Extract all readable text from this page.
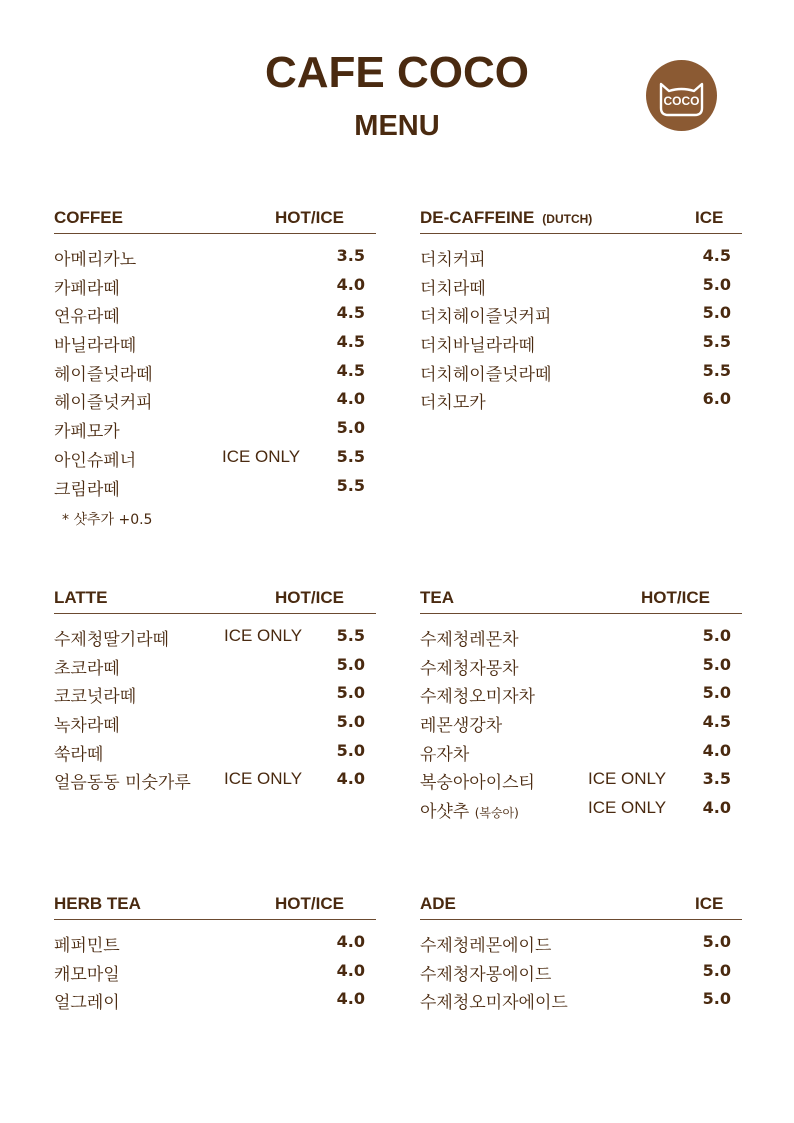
CAFE COCO
MENU
COCO
COFFEE	HOT/ICE
아메리카노	3.5
카페라떼	4.0
연유라떼	4.5
바닐라라떼	4.5
헤이즐넛라떼	4.5
헤이즐넛커피	4.0
카페모카	5.0
아인슈페너	ICE ONLY 5.5
크림라떼	5.5
* 샷추가 +0.5
DE-CAFFEINE (DUTCH)	ICE
더치커피	4.5
더치라떼	5.0
더치헤이즐넛커피	5.0
더치바닐라라떼	5.5
더치헤이즐넛라떼	5.5
더치모카	6.0
LATTE	HOT/ICE
수제청딸기라떼	ICE ONLY 5.5
초코라떼	5.0
코코넛라떼	5.0
녹차라떼	5.0
쑥라떼	5.0
얼음동동 미숫가루 ICE ONLY 4.0
TEA	HOT/ICE
수제청레몬차	5.0
수제청자몽차	5.0
수제청오미자차	5.0
레몬생강차	4.5
유자차	4.0
복숭아아이스티	ICE ONLY 3.5
아샷추 (복숭아)	ICE ONLY 4.0
HERB TEA	HOT/ICE
페퍼민트	4.0
캐모마일	4.0
얼그레이	4.0
ADE	ICE
수제청레몬에이드	5.0
수제청자몽에이드	5.0
수제청오미자에이드	5.0
